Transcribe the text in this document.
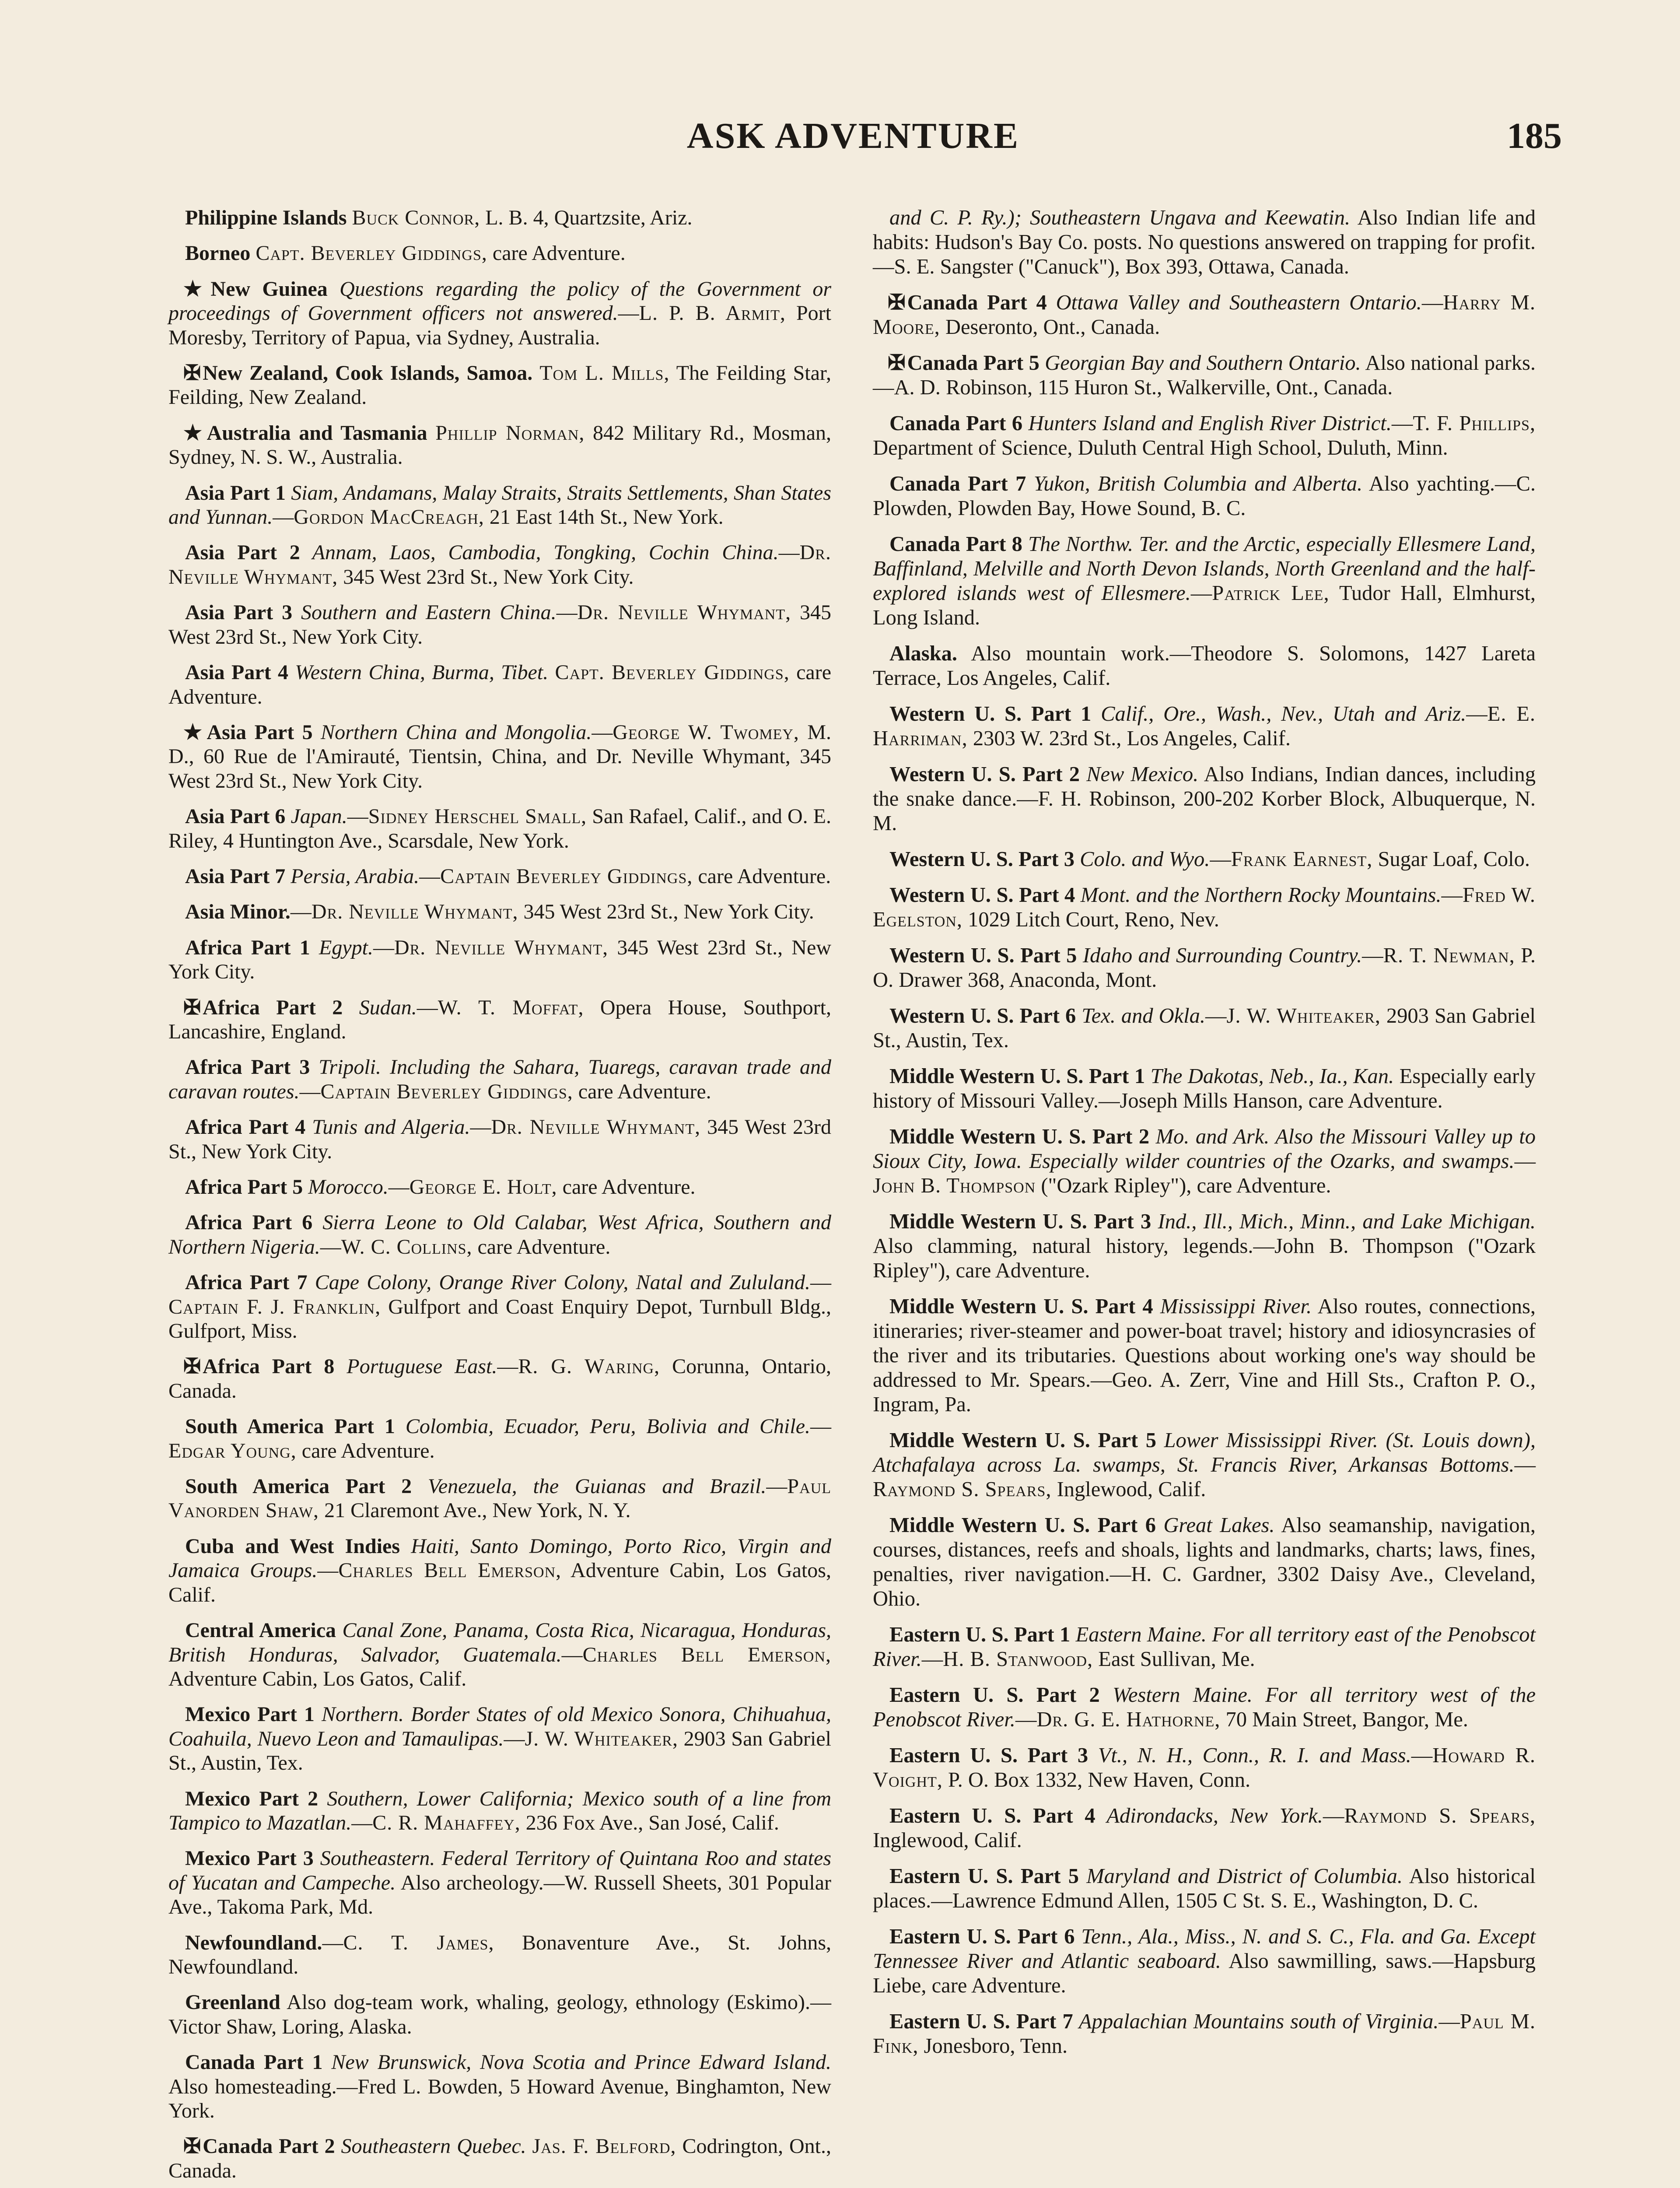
ASK ADVENTURE	185

Philippine Islands Buck Connor, L. B. 4, Quartzsite, Ariz.

Borneo Capt. Beverley Giddings, care Adventure.

★New Guinea Questions regarding the policy of the Government or proceedings of Government officers not answered.—L. P. B. Armit, Port Moresby, Territory of Papua, via Sydney, Australia.

✠New Zealand, Cook Islands, Samoa. Tom L. Mills, The Feilding Star, Feilding, New Zealand.

★Australia and Tasmania Phillip Norman, 842 Military Rd., Mosman, Sydney, N. S. W., Australia.

Asia Part 1 Siam, Andamans, Malay Straits, Straits Settlements, Shan States and Yunnan.—Gordon MacCreagh, 21 East 14th St., New York.

Asia Part 2 Annam, Laos, Cambodia, Tongking, Cochin China.—Dr. Neville Whymant, 345 West 23rd St., New York City.

Asia Part 3 Southern and Eastern China.—Dr. Neville Whymant, 345 West 23rd St., New York City.

Asia Part 4 Western China, Burma, Tibet. Capt. Beverley Giddings, care Adventure.

★Asia Part 5 Northern China and Mongolia.—George W. Twomey, M. D., 60 Rue de l'Amirauté, Tientsin, China, and Dr. Neville Whymant, 345 West 23rd St., New York City.

Asia Part 6 Japan.—Sidney Herschel Small, San Rafael, Calif., and O. E. Riley, 4 Huntington Ave., Scarsdale, New York.

Asia Part 7 Persia, Arabia.—Captain Beverley Giddings, care Adventure.

Asia Minor.—Dr. Neville Whymant, 345 West 23rd St., New York City.

Africa Part 1 Egypt.—Dr. Neville Whymant, 345 West 23rd St., New York City.

✠Africa Part 2 Sudan.—W. T. Moffat, Opera House, Southport, Lancashire, England.

Africa Part 3 Tripoli. Including the Sahara, Tuaregs, caravan trade and caravan routes.—Captain Beverley Giddings, care Adventure.

Africa Part 4 Tunis and Algeria.—Dr. Neville Whymant, 345 West 23rd St., New York City.

Africa Part 5 Morocco.—George E. Holt, care Adventure.

Africa Part 6 Sierra Leone to Old Calabar, West Africa, Southern and Northern Nigeria.—W. C. Collins, care Adventure.

Africa Part 7 Cape Colony, Orange River Colony, Natal and Zululand.—Captain F. J. Franklin, Gulfport and Coast Enquiry Depot, Turnbull Bldg., Gulfport, Miss.

✠Africa Part 8 Portuguese East.—R. G. Waring, Corunna, Ontario, Canada.

South America Part 1 Colombia, Ecuador, Peru, Bolivia and Chile.—Edgar Young, care Adventure.

South America Part 2 Venezuela, the Guianas and Brazil.—Paul Vanorden Shaw, 21 Claremont Ave., New York, N. Y.

Cuba and West Indies Haiti, Santo Domingo, Porto Rico, Virgin and Jamaica Groups.—Charles Bell Emerson, Adventure Cabin, Los Gatos, Calif.

Central America Canal Zone, Panama, Costa Rica, Nicaragua, Honduras, British Honduras, Salvador, Guatemala.—Charles Bell Emerson, Adventure Cabin, Los Gatos, Calif.

Mexico Part 1 Northern. Border States of old Mexico Sonora, Chihuahua, Coahuila, Nuevo Leon and Tamaulipas.—J. W. Whiteaker, 2903 San Gabriel St., Austin, Tex.

Mexico Part 2 Southern, Lower California; Mexico south of a line from Tampico to Mazatlan.—C. R. Mahaffey, 236 Fox Ave., San José, Calif.

Mexico Part 3 Southeastern. Federal Territory of Quintana Roo and states of Yucatan and Campeche. Also archeology.—W. Russell Sheets, 301 Popular Ave., Takoma Park, Md.

Newfoundland.—C. T. James, Bonaventure Ave., St. Johns, Newfoundland.

Greenland Also dog-team work, whaling, geology, ethnology (Eskimo).—Victor Shaw, Loring, Alaska.

Canada Part 1 New Brunswick, Nova Scotia and Prince Edward Island. Also homesteading.—Fred L. Bowden, 5 Howard Avenue, Binghamton, New York.

✠Canada Part 2 Southeastern Quebec. Jas. F. Belford, Codrington, Ont., Canada.

and C. P. Ry.); Southeastern Ungava and Keewatin. Also Indian life and habits: Hudson's Bay Co. posts. No questions answered on trapping for profit.—S. E. Sangster ("Canuck"), Box 393, Ottawa, Canada.

✠Canada Part 4 Ottawa Valley and Southeastern Ontario.—Harry M. Moore, Deseronto, Ont., Canada.

✠Canada Part 5 Georgian Bay and Southern Ontario. Also national parks.—A. D. Robinson, 115 Huron St., Walkerville, Ont., Canada.

Canada Part 6 Hunters Island and English River District.—T. F. Phillips, Department of Science, Duluth Central High School, Duluth, Minn.

Canada Part 7 Yukon, British Columbia and Alberta. Also yachting.—C. Plowden, Plowden Bay, Howe Sound, B. C.

Canada Part 8 The Northw. Ter. and the Arctic, especially Ellesmere Land, Baffinland, Melville and North Devon Islands, North Greenland and the half-explored islands west of Ellesmere.—Patrick Lee, Tudor Hall, Elmhurst, Long Island.

Alaska. Also mountain work.—Theodore S. Solomons, 1427 Lareta Terrace, Los Angeles, Calif.

Western U. S. Part 1 Calif., Ore., Wash., Nev., Utah and Ariz.—E. E. Harriman, 2303 W. 23rd St., Los Angeles, Calif.

Western U. S. Part 2 New Mexico. Also Indians, Indian dances, including the snake dance.—F. H. Robinson, 200-202 Korber Block, Albuquerque, N. M.

Western U. S. Part 3 Colo. and Wyo.—Frank Earnest, Sugar Loaf, Colo.

Western U. S. Part 4 Mont. and the Northern Rocky Mountains.—Fred W. Egelston, 1029 Litch Court, Reno, Nev.

Western U. S. Part 5 Idaho and Surrounding Country.—R. T. Newman, P. O. Drawer 368, Anaconda, Mont.

Western U. S. Part 6 Tex. and Okla.—J. W. Whiteaker, 2903 San Gabriel St., Austin, Tex.

Middle Western U. S. Part 1 The Dakotas, Neb., Ia., Kan. Especially early history of Missouri Valley.—Joseph Mills Hanson, care Adventure.

Middle Western U. S. Part 2 Mo. and Ark. Also the Missouri Valley up to Sioux City, Iowa. Especially wilder countries of the Ozarks, and swamps.—John B. Thompson ("Ozark Ripley"), care Adventure.

Middle Western U. S. Part 3 Ind., Ill., Mich., Minn., and Lake Michigan. Also clamming, natural history, legends.—John B. Thompson ("Ozark Ripley"), care Adventure.

Middle Western U. S. Part 4 Mississippi River. Also routes, connections, itineraries; river-steamer and power-boat travel; history and idiosyncrasies of the river and its tributaries. Questions about working one's way should be addressed to Mr. Spears.—Geo. A. Zerr, Vine and Hill Sts., Crafton P. O., Ingram, Pa.

Middle Western U. S. Part 5 Lower Mississippi River. (St. Louis down), Atchafalaya across La. swamps, St. Francis River, Arkansas Bottoms.—Raymond S. Spears, Inglewood, Calif.

Middle Western U. S. Part 6 Great Lakes. Also seamanship, navigation, courses, distances, reefs and shoals, lights and landmarks, charts; laws, fines, penalties, river navigation.—H. C. Gardner, 3302 Daisy Ave., Cleveland, Ohio.

Eastern U. S. Part 1 Eastern Maine. For all territory east of the Penobscot River.—H. B. Stanwood, East Sullivan, Me.

Eastern U. S. Part 2 Western Maine. For all territory west of the Penobscot River.—Dr. G. E. Hathorne, 70 Main Street, Bangor, Me.

Eastern U. S. Part 3 Vt., N. H., Conn., R. I. and Mass.—Howard R. Voight, P. O. Box 1332, New Haven, Conn.

Eastern U. S. Part 4 Adirondacks, New York.—Raymond S. Spears, Inglewood, Calif.

Eastern U. S. Part 5 Maryland and District of Columbia. Also historical places.—Lawrence Edmund Allen, 1505 C St. S. E., Washington, D. C.

Eastern U. S. Part 6 Tenn., Ala., Miss., N. and S. C., Fla. and Ga. Except Tennessee River and Atlantic seaboard. Also sawmilling, saws.—Hapsburg Liebe, care Adventure.

Eastern U. S. Part 7 Appalachian Mountains south of Virginia.—Paul M. Fink, Jonesboro, Tenn.
